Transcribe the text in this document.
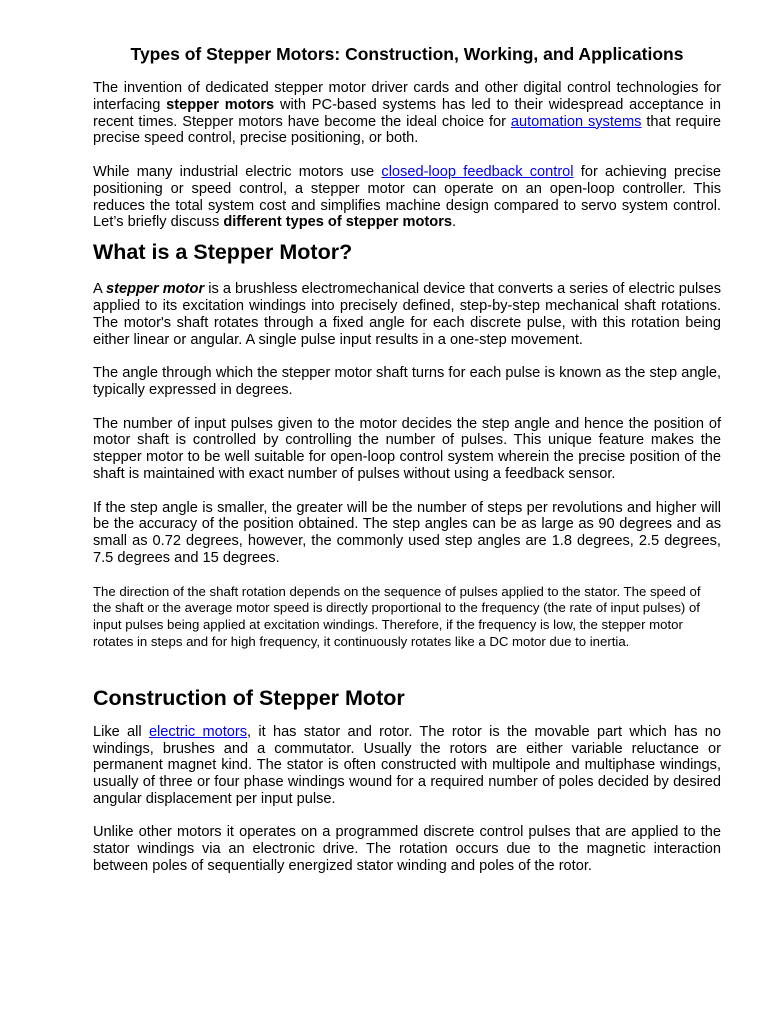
Types of Stepper Motors: Construction, Working, and Applications

The invention of dedicated stepper motor driver cards and other digital control technologies for interfacing stepper motors with PC-based systems has led to their widespread acceptance in recent times. Stepper motors have become the ideal choice for automation systems that require precise speed control, precise positioning, or both.

While many industrial electric motors use closed-loop feedback control for achieving precise positioning or speed control, a stepper motor can operate on an open-loop controller. This reduces the total system cost and simplifies machine design compared to servo system control. Let’s briefly discuss different types of stepper motors.

What is a Stepper Motor?

A stepper motor is a brushless electromechanical device that converts a series of electric pulses applied to its excitation windings into precisely defined, step-by-step mechanical shaft rotations. The motor's shaft rotates through a fixed angle for each discrete pulse, with this rotation being either linear or angular. A single pulse input results in a one-step movement.

The angle through which the stepper motor shaft turns for each pulse is known as the step angle, typically expressed in degrees.

The number of input pulses given to the motor decides the step angle and hence the position of motor shaft is controlled by controlling the number of pulses. This unique feature makes the stepper motor to be well suitable for open-loop control system wherein the precise position of the shaft is maintained with exact number of pulses without using a feedback sensor.

If the step angle is smaller, the greater will be the number of steps per revolutions and higher will be the accuracy of the position obtained. The step angles can be as large as 90 degrees and as small as 0.72 degrees, however, the commonly used step angles are 1.8 degrees, 2.5 degrees, 7.5 degrees and 15 degrees.

The direction of the shaft rotation depends on the sequence of pulses applied to the stator. The speed of the shaft or the average motor speed is directly proportional to the frequency (the rate of input pulses) of input pulses being applied at excitation windings. Therefore, if the frequency is low, the stepper motor rotates in steps and for high frequency, it continuously rotates like a DC motor due to inertia.

Construction of Stepper Motor

Like all electric motors, it has stator and rotor. The rotor is the movable part which has no windings, brushes and a commutator. Usually the rotors are either variable reluctance or permanent magnet kind. The stator is often constructed with multipole and multiphase windings, usually of three or four phase windings wound for a required number of poles decided by desired angular displacement per input pulse.

Unlike other motors it operates on a programmed discrete control pulses that are applied to the stator windings via an electronic drive. The rotation occurs due to the magnetic interaction between poles of sequentially energized stator winding and poles of the rotor.
